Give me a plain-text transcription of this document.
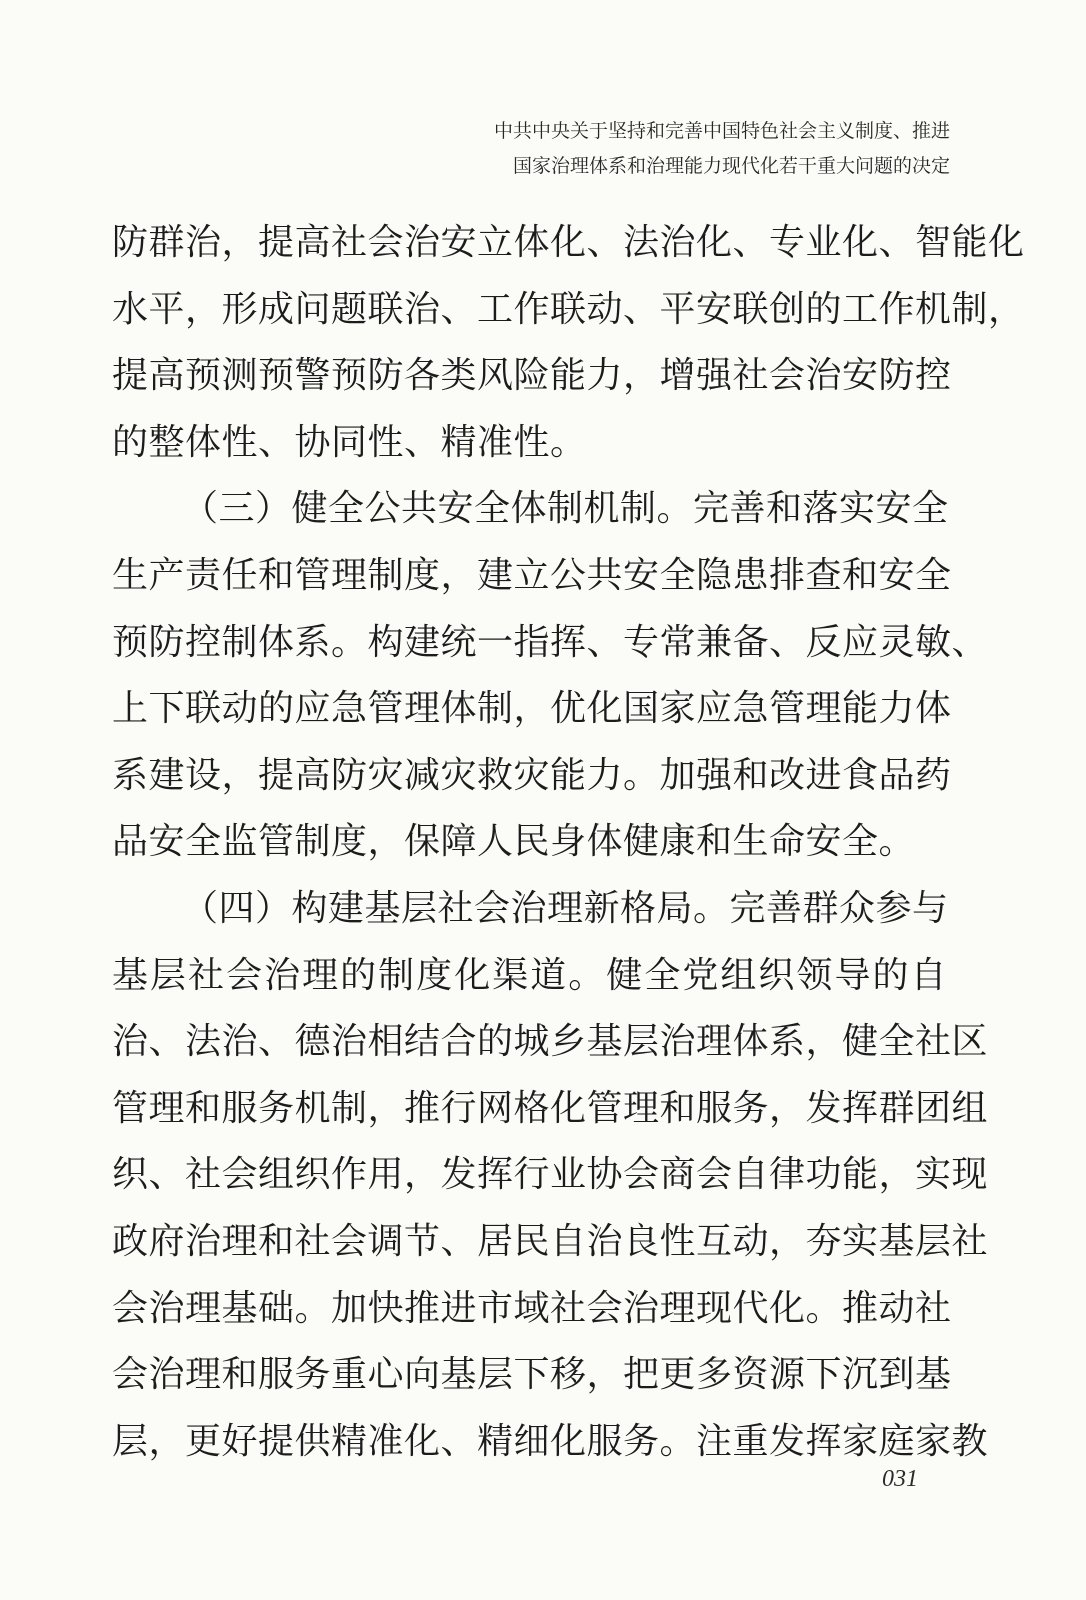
中共中央关于坚持和完善中国特色社会主义制度、推进
国家治理体系和治理能力现代化若干重大问题的决定
防群治，提高社会治安立体化、法治化、专业化、智能化
水平，形成问题联治、工作联动、平安联创的工作机制，
提高预测预警预防各类风险能力，增强社会治安防控
的整体性、协同性、精准性。
（三）健全公共安全体制机制。完善和落实安全
生产责任和管理制度，建立公共安全隐患排查和安全
预防控制体系。构建统一指挥、专常兼备、反应灵敏、
上下联动的应急管理体制，优化国家应急管理能力体
系建设，提高防灾减灾救灾能力。加强和改进食品药
品安全监管制度，保障人民身体健康和生命安全。
（四）构建基层社会治理新格局。完善群众参与
基层社会治理的制度化渠道。健全党组织领导的自
治、法治、德治相结合的城乡基层治理体系，健全社区
管理和服务机制，推行网格化管理和服务，发挥群团组
织、社会组织作用，发挥行业协会商会自律功能，实现
政府治理和社会调节、居民自治良性互动，夯实基层社
会治理基础。加快推进市域社会治理现代化。推动社
会治理和服务重心向基层下移，把更多资源下沉到基
层，更好提供精准化、精细化服务。注重发挥家庭家教
031
